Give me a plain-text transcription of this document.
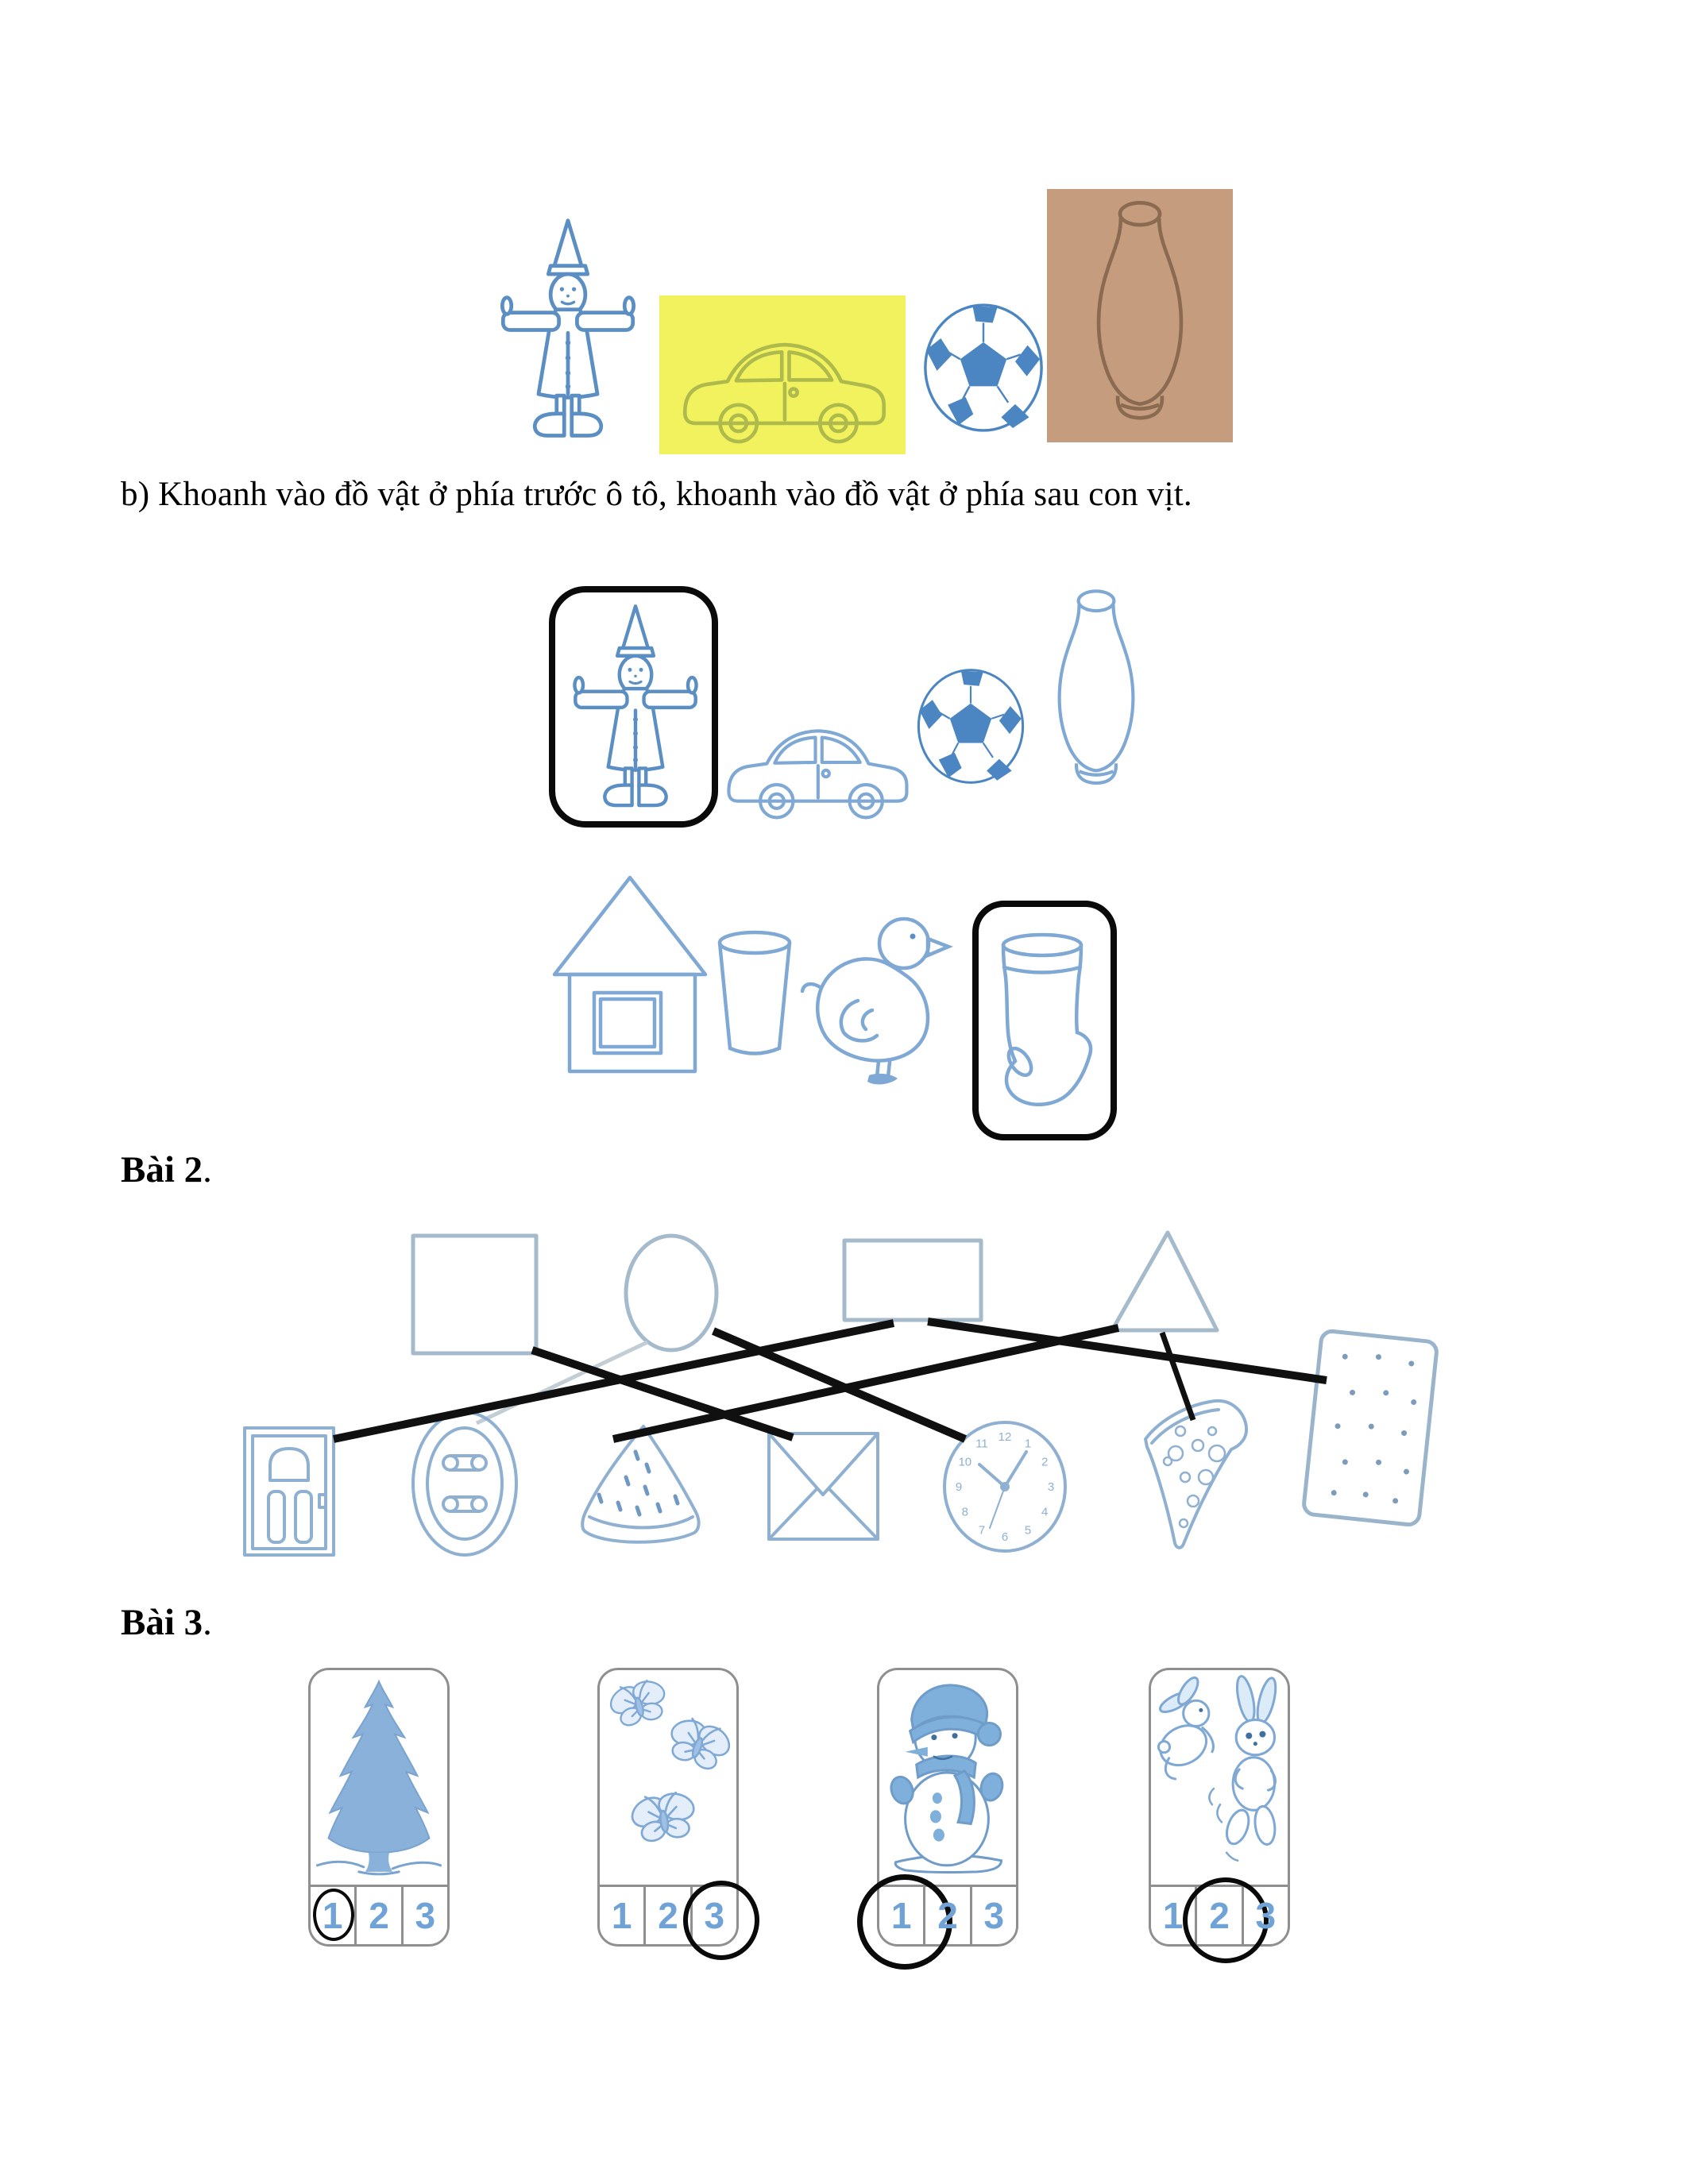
b) Khoanh vào đồ vật ở phía trước ô tô, khoanh vào đồ vật ở phía sau con vịt.
Bài 2.
12 1
2
3
4
5
6
7
8
9
10
11
Bài 3.
1 2 3	1 2 3	1 2 3	1 2 3
